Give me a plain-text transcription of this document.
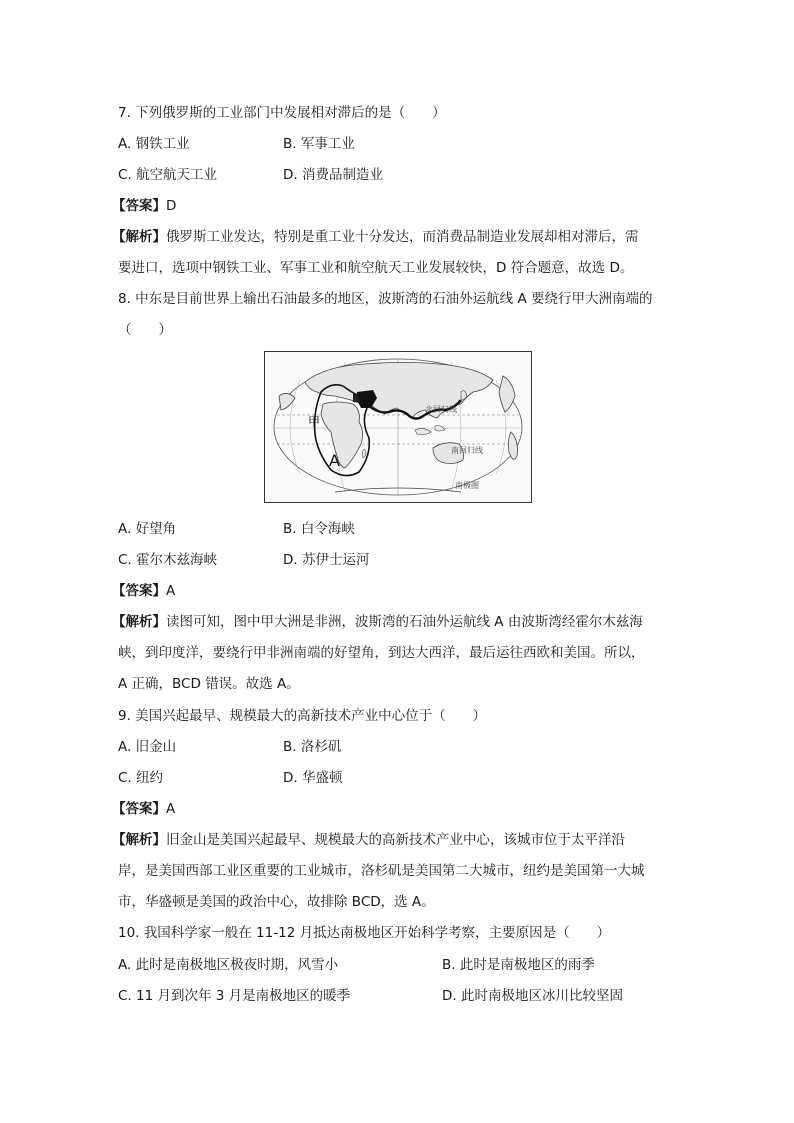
7. 下列俄罗斯的工业部门中发展相对滞后的是（　　）
A. 钢铁工业	B. 军事工业
C. 航空航天工业	D. 消费品制造业
【答案】D
【解析】俄罗斯工业发达，特别是重工业十分发达，而消费品制造业发展却相对滞后，需
要进口，选项中钢铁工业、军事工业和航空航天工业发展较快，D 符合题意，故选 D。
8. 中东是目前世界上输出石油最多的地区，波斯湾的石油外运航线 A 要绕行甲大洲南端的
（　　）
甲
A
北回归线
南回归线
南极圈
A. 好望角	B. 白令海峡
C. 霍尔木兹海峡	D. 苏伊士运河
【答案】A
【解析】读图可知，图中甲大洲是非洲，波斯湾的石油外运航线 A 由波斯湾经霍尔木兹海
峡，到印度洋，要绕行甲非洲南端的好望角，到达大西洋，最后运往西欧和美国。所以，
A 正确，BCD 错误。故选 A。
9. 美国兴起最早、规模最大的高新技术产业中心位于（　　）
A. 旧金山	B. 洛杉矶
C. 纽约	D. 华盛顿
【答案】A
【解析】旧金山是美国兴起最早、规模最大的高新技术产业中心，该城市位于太平洋沿
岸，是美国西部工业区重要的工业城市，洛杉矶是美国第二大城市，纽约是美国第一大城
市，华盛顿是美国的政治中心，故排除 BCD，选 A。
10. 我国科学家一般在 11-12 月抵达南极地区开始科学考察，主要原因是（　　）
A. 此时是南极地区极夜时期，风雪小	B. 此时是南极地区的雨季
C. 11 月到次年 3 月是南极地区的暖季	D. 此时南极地区冰川比较坚固
